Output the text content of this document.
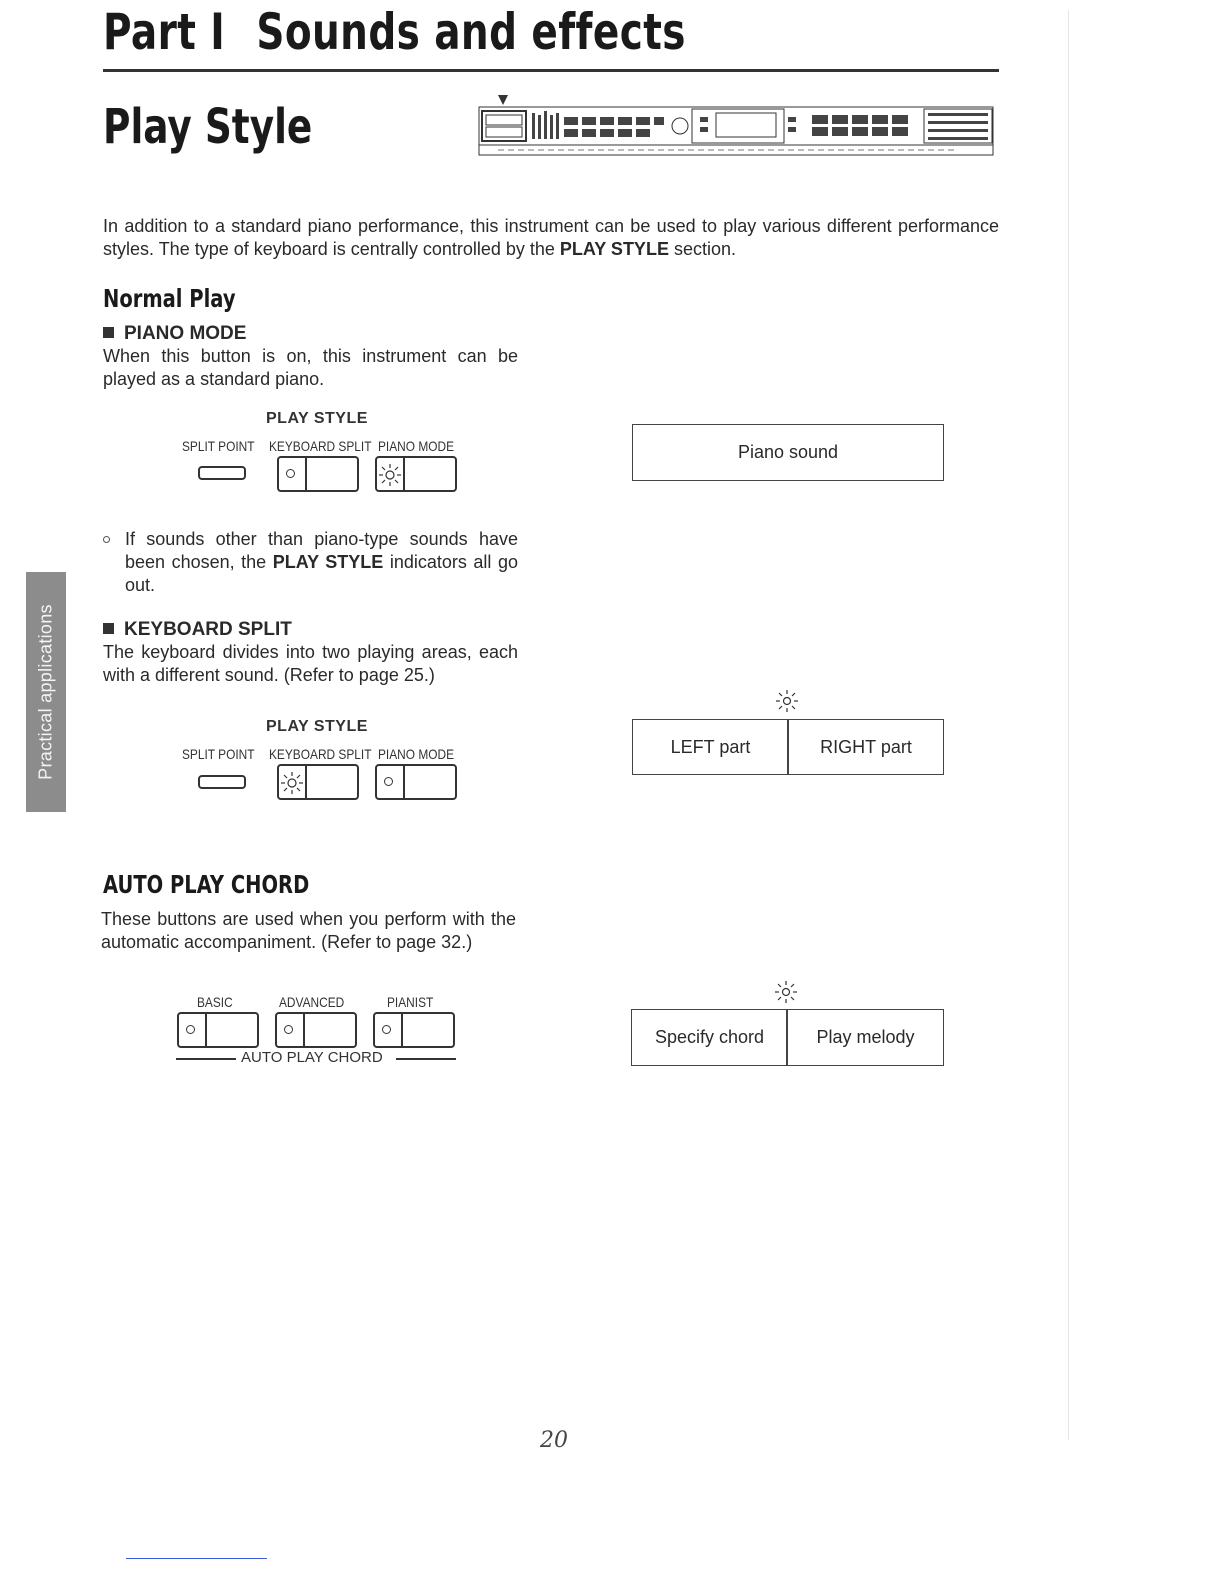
Part I Sounds and effects
Play Style
In addition to a standard piano performance, this instrument can be used to play various different performance styles. The type of keyboard is centrally controlled by the PLAY STYLE section.
Normal Play
PIANO MODE
When this button is on, this instrument can be played as a standard piano.
PLAY STYLE
SPLIT POINT	KEYBOARD SPLIT PIANO MODE	Piano sound
If sounds other than piano-type sounds have been chosen, the PLAY STYLE indicators all go out.
KEYBOARD SPLIT
The keyboard divides into two playing areas, each with a different sound. (Refer to page 25.)
PLAY STYLE
SPLIT POINT	KEYBOARD SPLIT PIANO MODE	LEFT part	RIGHT part
AUTO PLAY CHORD
These buttons are used when you perform with the automatic accompaniment. (Refer to page 32.)
BASIC	ADVANCED	PIANIST
AUTO PLAY CHORD
Specify chord	Play melody
Practical applications
20
